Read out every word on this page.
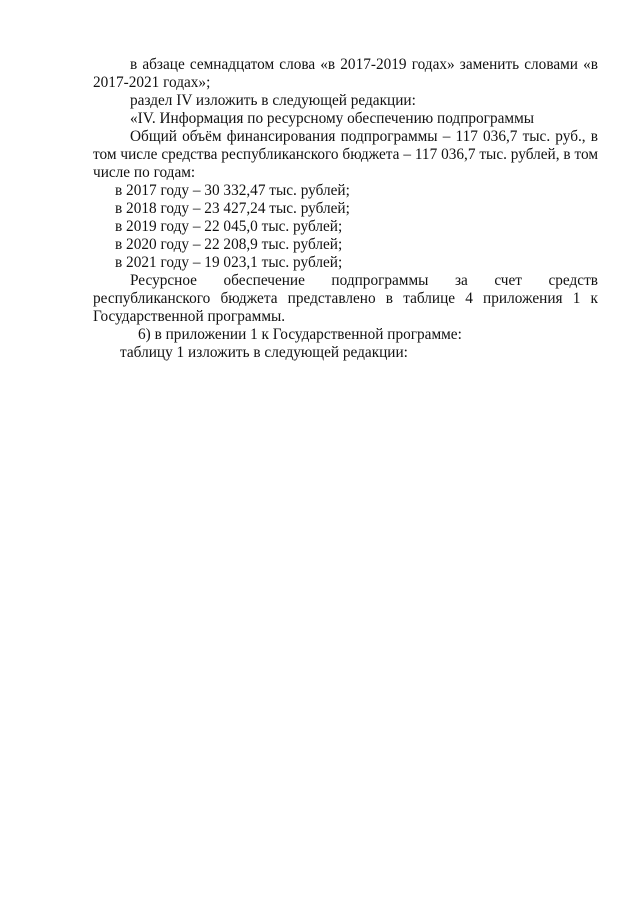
в абзаце семнадцатом слова «в 2017-2019 годах» заменить словами «в 2017-2021 годах»;

раздел IV изложить в следующей редакции:

«IV. Информация по ресурсному обеспечению подпрограммы

Общий объём финансирования подпрограммы – 117 036,7 тыс. руб., в том числе средства республиканского бюджета – 117 036,7 тыс. рублей, в том числе по годам:

в 2017 году – 30 332,47 тыс. рублей;

в 2018 году – 23 427,24 тыс. рублей;

в 2019 году – 22 045,0 тыс. рублей;

в 2020 году – 22 208,9 тыс. рублей;

в 2021 году – 19 023,1 тыс. рублей;

Ресурсное обеспечение подпрограммы за счет средств

республиканского бюджета представлено в таблице 4 приложения 1 к

Государственной программы.

6) в приложении 1 к Государственной программе:

таблицу 1 изложить в следующей редакции:
